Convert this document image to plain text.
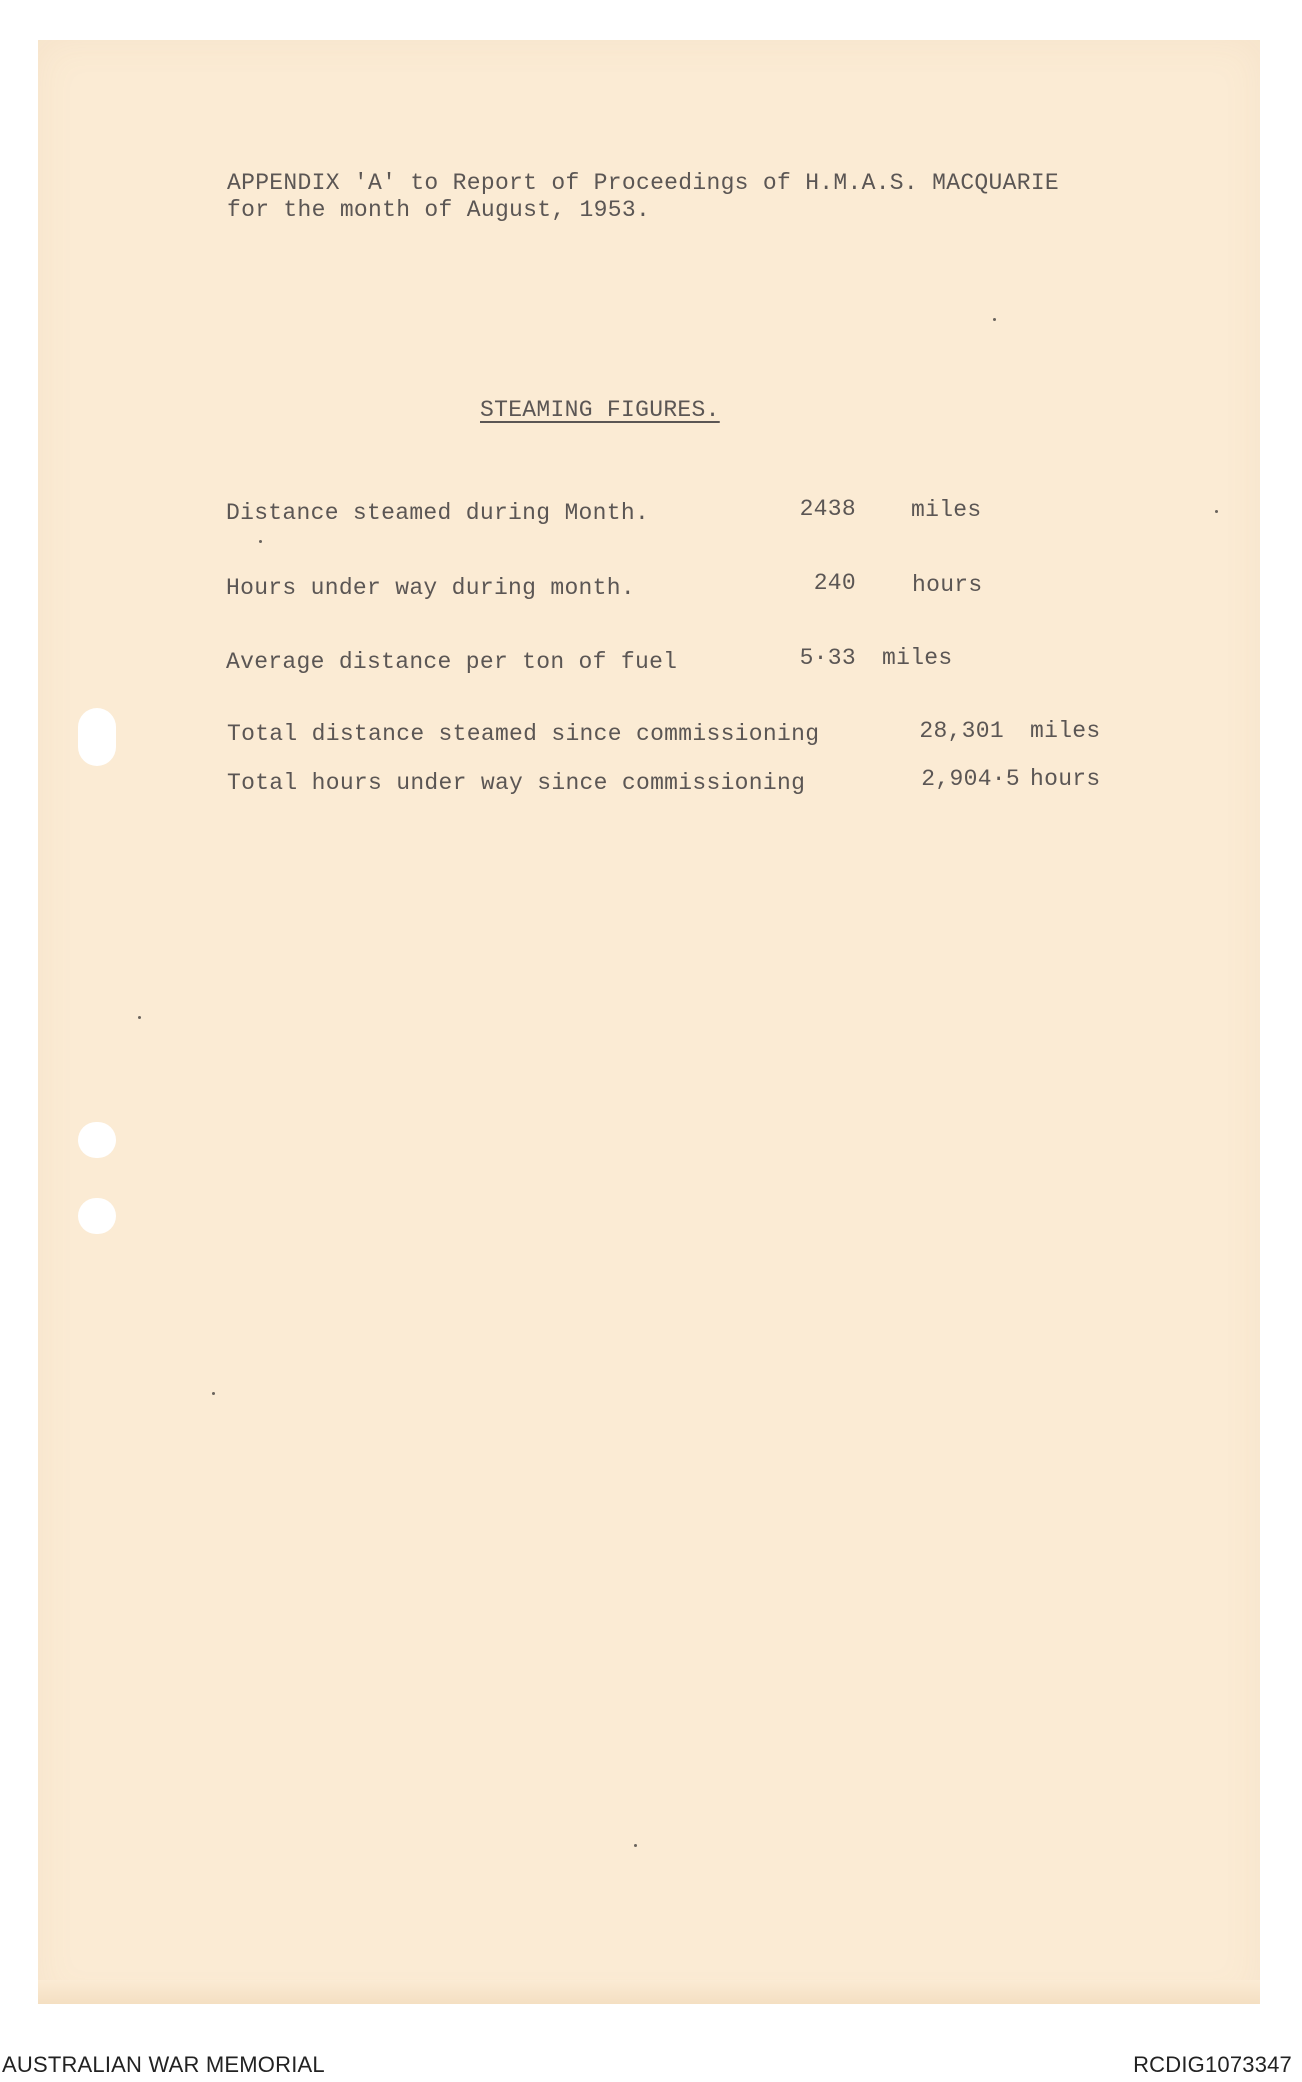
APPENDIX 'A' to Report of Proceedings of H.M.A.S. MACQUARIE
for the month of August, 1953.
STEAMING FIGURES.
Distance steamed during Month.	2438 miles
Hours under way during month.	240 hours
Average distance per ton of fuel	5·33 miles
Total distance steamed since commissioning	28,301 miles
Total hours under way since commissioning	2,904·5 hours
AUSTRALIAN WAR MEMORIAL	RCDIG1073347
